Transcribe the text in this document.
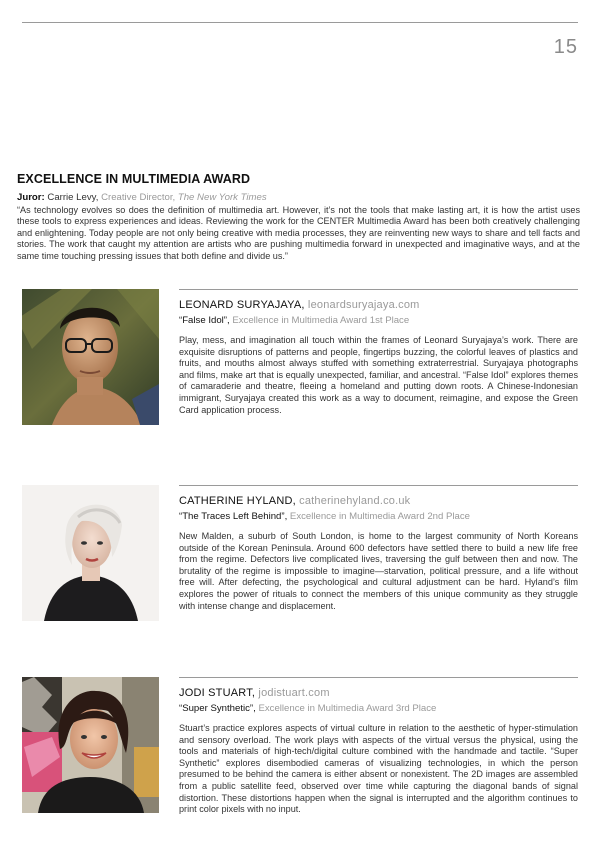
15
EXCELLENCE IN MULTIMEDIA AWARD
Juror: Carrie Levy, Creative Director, The New York Times
“As technology evolves so does the definition of multimedia art. However, it’s not the tools that make lasting art, it is how the artist uses these tools to express experiences and ideas. Reviewing the work for the CENTER Multimedia Award has been both creatively challenging and enlightening. Today people are not only being creative with media processes, they are reinventing new ways to share and tell facts and stories. The work that caught my attention are artists who are pushing multimedia forward in unexpected and imaginative ways, and at the same time touching pressing issues that both define and divide us.”
LEONARD SURYAJAYA, leonardsuryajaya.com
“False Idol”, Excellence in Multimedia Award 1st Place
Play, mess, and imagination all touch within the frames of Leonard Suryajaya’s work. There are exquisite disruptions of patterns and people, fingertips buzzing, the colorful leaves of plastics and fruits, and mouths almost always stuffed with something extraterrestrial. Suryajaya photographs and films, make art that is equally unexpected, familiar, and ancestral. “False Idol” explores themes of camaraderie and theatre, fleeing a homeland and putting down roots. A Chinese-Indonesian immigrant, Suryajaya created this work as a way to document, reimagine, and expose the Green Card application process.
CATHERINE HYLAND, catherinehyland.co.uk
“The Traces Left Behind”, Excellence in Multimedia Award 2nd Place
New Malden, a suburb of South London, is home to the largest community of North Koreans outside of the Korean Peninsula. Around 600 defectors have settled there to build a new life free from the regime. Defectors live complicated lives, traversing the gulf between then and now. The brutality of the regime is impossible to imagine—starvation, political pressure, and a life without free will. After defecting, the psychological and cultural adjustment can be hard. Hyland’s film explores the power of rituals to connect the members of this unique community as they struggle with intense change and displacement.
JODI STUART, jodistuart.com
“Super Synthetic”, Excellence in Multimedia Award 3rd Place
Stuart’s practice explores aspects of virtual culture in relation to the aesthetic of hyper-stimulation and sensory overload. The work plays with aspects of the virtual versus the physical, using the tools and materials of high-tech/digital culture combined with the handmade and tactile. “Super Synthetic” explores disembodied cameras of visualizing technologies, in which the person presumed to be behind the camera is either absent or nonexistent. The 2D images are assembled from a public satellite feed, observed over time while capturing the diagonal bands of signal distortion. These distortions happen when the signal is interrupted and the algorithm continues to print color pixels with no input.
